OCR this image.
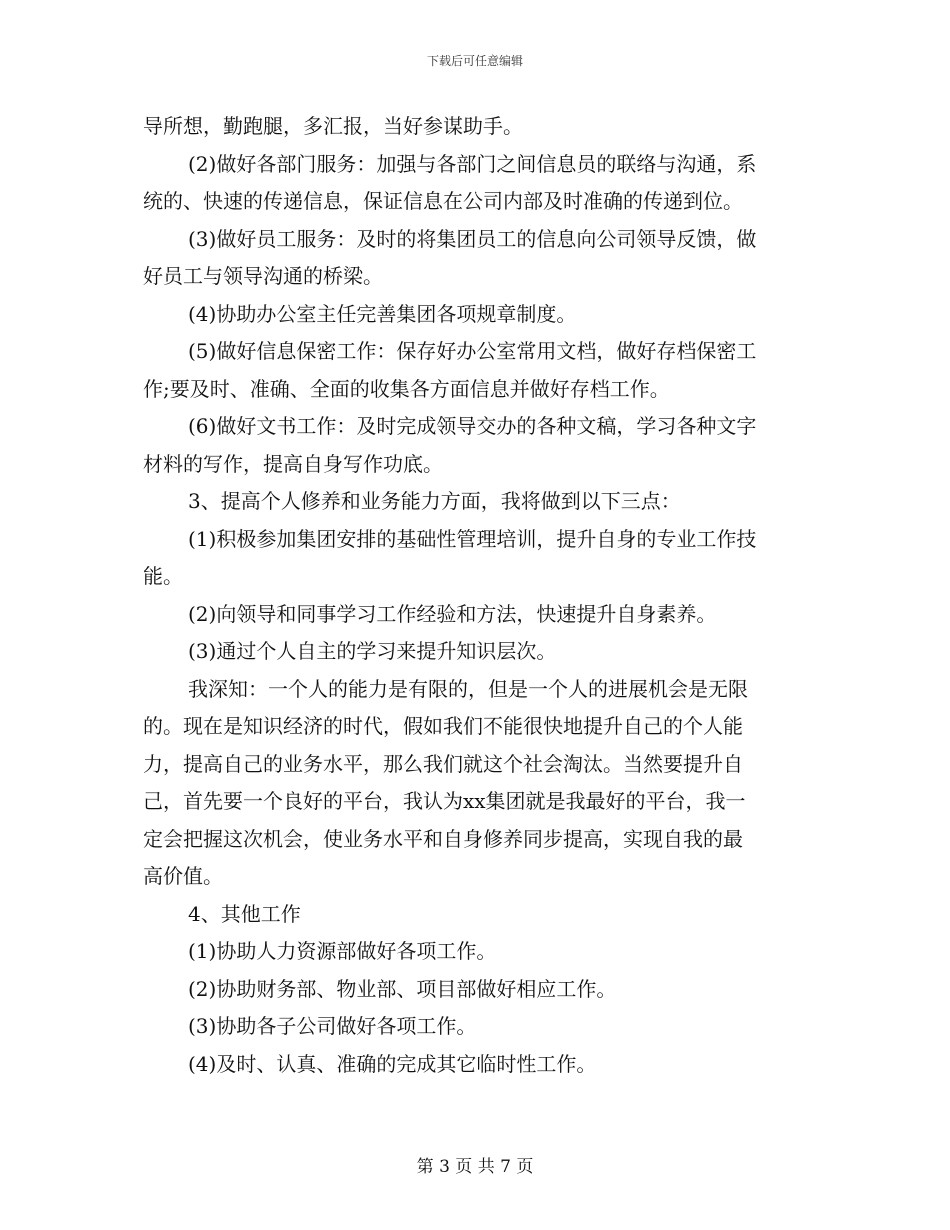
下载后可任意编辑
导所想，勤跑腿，多汇报，当好参谋助手。
(2)做好各部门服务：加强与各部门之间信息员的联络与沟通，系
统的、快速的传递信息，保证信息在公司内部及时准确的传递到位。
(3)做好员工服务：及时的将集团员工的信息向公司领导反馈，做
好员工与领导沟通的桥梁。
(4)协助办公室主任完善集团各项规章制度。
(5)做好信息保密工作：保存好办公室常用文档，做好存档保密工
作;要及时、准确、全面的收集各方面信息并做好存档工作。
(6)做好文书工作：及时完成领导交办的各种文稿，学习各种文字
材料的写作，提高自身写作功底。
3、提高个人修养和业务能力方面，我将做到以下三点：
(1)积极参加集团安排的基础性管理培训，提升自身的专业工作技
能。
(2)向领导和同事学习工作经验和方法，快速提升自身素养。
(3)通过个人自主的学习来提升知识层次。
我深知：一个人的能力是有限的，但是一个人的进展机会是无限
的。现在是知识经济的时代，假如我们不能很快地提升自己的个人能
力，提高自己的业务水平，那么我们就这个社会淘汰。当然要提升自
己，首先要一个良好的平台，我认为xx集团就是我最好的平台，我一
定会把握这次机会，使业务水平和自身修养同步提高，实现自我的最
高价值。
4、其他工作
(1)协助人力资源部做好各项工作。
(2)协助财务部、物业部、项目部做好相应工作。
(3)协助各子公司做好各项工作。
(4)及时、认真、准确的完成其它临时性工作。
第 3 页 共 7 页
